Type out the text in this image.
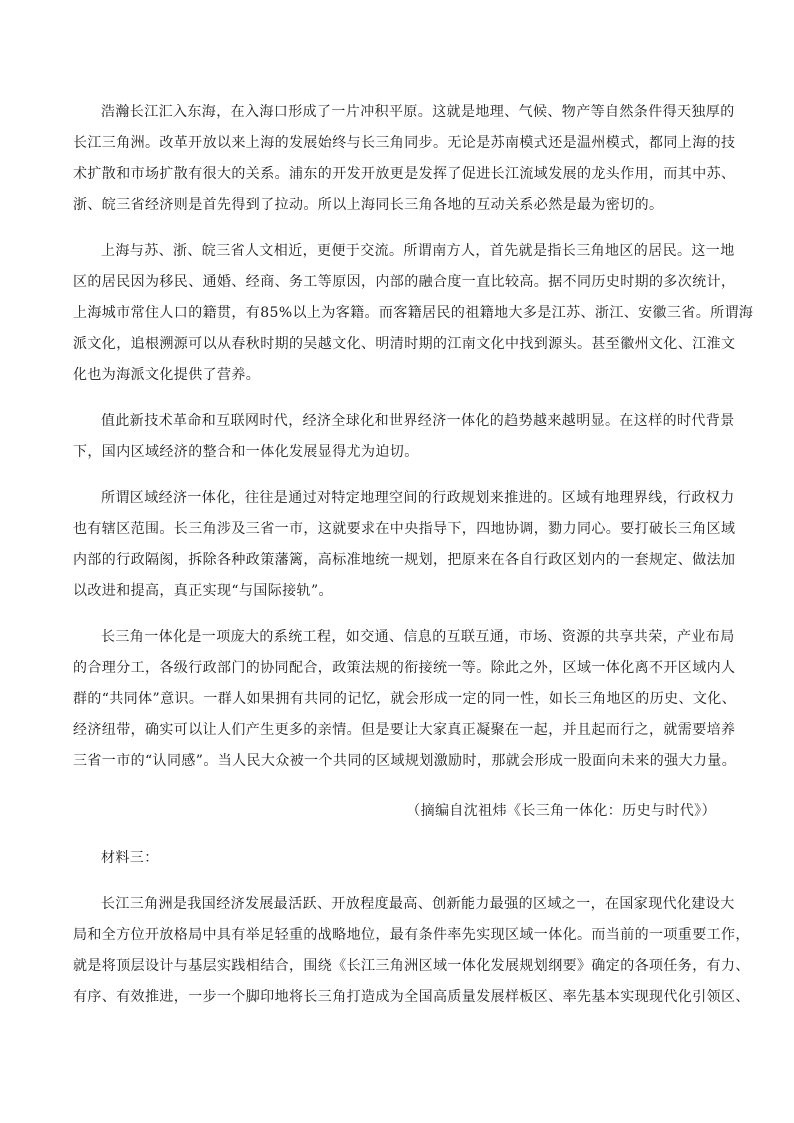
浩瀚长江汇入东海，在入海口形成了一片冲积平原。这就是地理、气候、物产等自然条件得天独厚的
长江三角洲。改革开放以来上海的发展始终与长三角同步。无论是苏南模式还是温州模式，都同上海的技
术扩散和市场扩散有很大的关系。浦东的开发开放更是发挥了促进长江流域发展的龙头作用，而其中苏、
浙、皖三省经济则是首先得到了拉动。所以上海同长三角各地的互动关系必然是最为密切的。
上海与苏、浙、皖三省人文相近，更便于交流。所谓南方人，首先就是指长三角地区的居民。这一地
区的居民因为移民、通婚、经商、务工等原因，内部的融合度一直比较高。据不同历史时期的多次统计，
上海城市常住人口的籍贯，有85%以上为客籍。而客籍居民的祖籍地大多是江苏、浙江、安徽三省。所谓海
派文化，追根溯源可以从春秋时期的吴越文化、明清时期的江南文化中找到源头。甚至徽州文化、江淮文
化也为海派文化提供了营养。
值此新技术革命和互联网时代，经济全球化和世界经济一体化的趋势越来越明显。在这样的时代背景
下，国内区域经济的整合和一体化发展显得尤为迫切。
所谓区域经济一体化，往往是通过对特定地理空间的行政规划来推进的。区域有地理界线，行政权力
也有辖区范围。长三角涉及三省一市，这就要求在中央指导下，四地协调，勠力同心。要打破长三角区域
内部的行政隔阂，拆除各种政策藩篱，高标准地统一规划，把原来在各自行政区划内的一套规定、做法加
以改进和提高，真正实现“与国际接轨”。
长三角一体化是一项庞大的系统工程，如交通、信息的互联互通，市场、资源的共享共荣，产业布局
的合理分工，各级行政部门的协同配合，政策法规的衔接统一等。除此之外，区域一体化离不开区域内人
群的“共同体”意识。一群人如果拥有共同的记忆，就会形成一定的同一性，如长三角地区的历史、文化、
经济纽带，确实可以让人们产生更多的亲情。但是要让大家真正凝聚在一起，并且起而行之，就需要培养
三省一市的“认同感”。当人民大众被一个共同的区域规划激励时，那就会形成一股面向未来的强大力量。
（摘编自沈祖炜《长三角一体化：历史与时代》）
材料三：
长江三角洲是我国经济发展最活跃、开放程度最高、创新能力最强的区域之一，在国家现代化建设大
局和全方位开放格局中具有举足轻重的战略地位，最有条件率先实现区域一体化。而当前的一项重要工作，
就是将顶层设计与基层实践相结合，围绕《长江三角洲区域一体化发展规划纲要》确定的各项任务，有力、
有序、有效推进，一步一个脚印地将长三角打造成为全国高质量发展样板区、率先基本实现现代化引领区、
